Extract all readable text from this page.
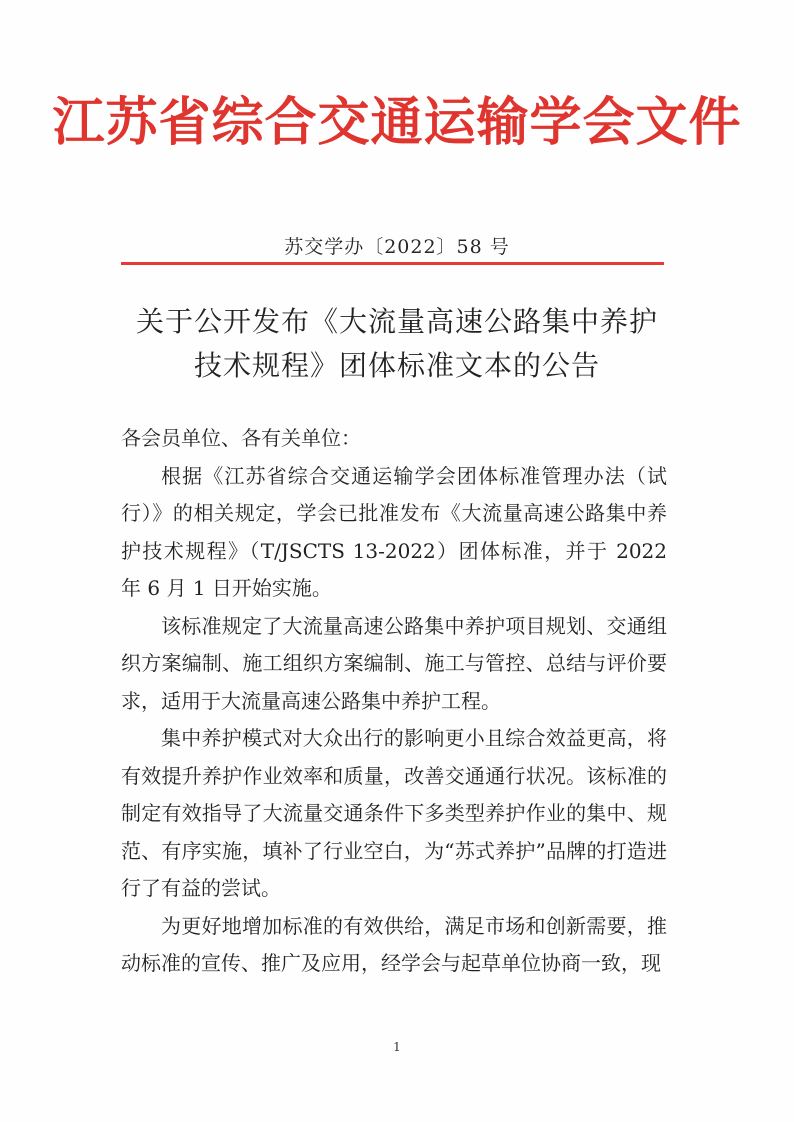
江苏省综合交通运输学会文件
苏交学办〔2022〕58 号
关于公开发布《大流量高速公路集中养护
技术规程》团体标准文本的公告

各会员单位、各有关单位：

根据《江苏省综合交通运输学会团体标准管理办法（试行）》的相关规定，学会已批准发布《大流量高速公路集中养护技术规程》（T/JSCTS 13-2022）团体标准，并于 2022 年 6 月 1 日开始实施。

该标准规定了大流量高速公路集中养护项目规划、交通组织方案编制、施工组织方案编制、施工与管控、总结与评价要求，适用于大流量高速公路集中养护工程。

集中养护模式对大众出行的影响更小且综合效益更高，将有效提升养护作业效率和质量，改善交通通行状况。该标准的制定有效指导了大流量交通条件下多类型养护作业的集中、规范、有序实施，填补了行业空白，为“苏式养护”品牌的打造进行了有益的尝试。

为更好地增加标准的有效供给，满足市场和创新需要，推动标准的宣传、推广及应用，经学会与起草单位协商一致，现

1
